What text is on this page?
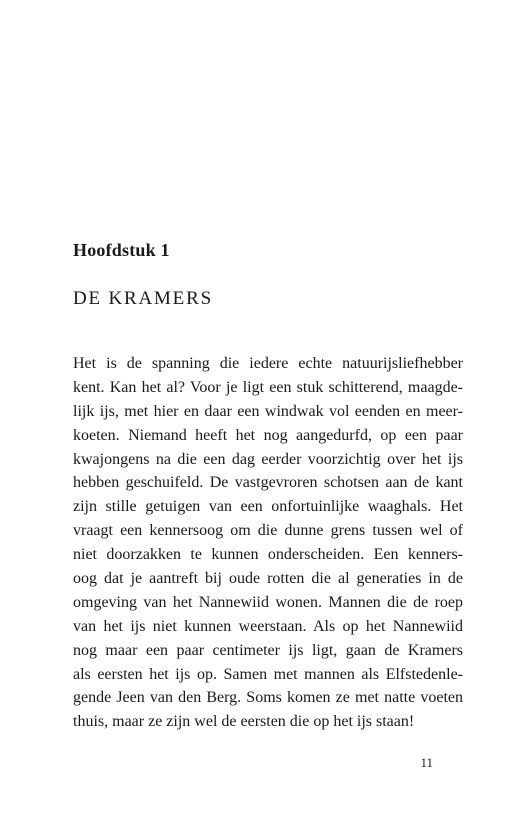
Hoofdstuk 1
DE KRAMERS
Het is de spanning die iedere echte natuurijsliefhebber
kent. Kan het al? Voor je ligt een stuk schitterend, maagde-
lijk ijs, met hier en daar een windwak vol eenden en meer-
koeten. Niemand heeft het nog aangedurfd, op een paar
kwajongens na die een dag eerder voorzichtig over het ijs
hebben geschuifeld. De vastgevroren schotsen aan de kant
zijn stille getuigen van een onfortuinlijke waaghals. Het
vraagt een kennersoog om die dunne grens tussen wel of
niet doorzakken te kunnen onderscheiden. Een kenners-
oog dat je aantreft bij oude rotten die al generaties in de
omgeving van het Nannewiid wonen. Mannen die de roep
van het ijs niet kunnen weerstaan. Als op het Nannewiid
nog maar een paar centimeter ijs ligt, gaan de Kramers
als eersten het ijs op. Samen met mannen als Elfstedenle-
gende Jeen van den Berg. Soms komen ze met natte voeten
thuis, maar ze zijn wel de eersten die op het ijs staan!
11
